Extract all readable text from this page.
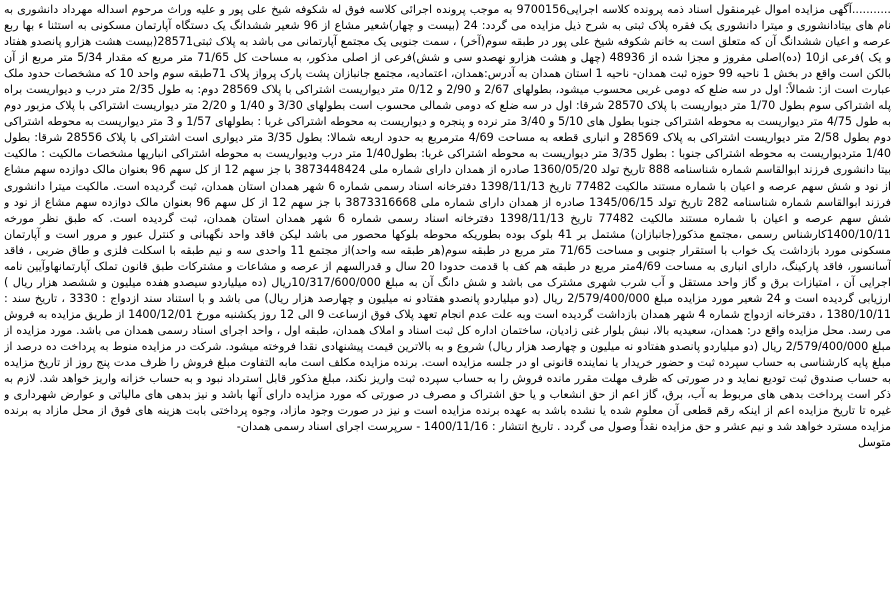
...........آگهی مزایده اموال غیرمنقول اسناد ذمه پرونده کلاسه اجرایی9700156 به موجب پرونده اجرائی کلاسه فوق له شکوفه شیخ علی پور و علیه وراث مرحوم اسداله مهرداد دانشوری به نام های بیتادانشوری و میترا دانشوری یک فقره پلاک ثبتی به شرح ذیل مزایده می گردد: 24 (بیست و چهار)شعیر مشاع از 96 شعیر ششدانگ یک دستگاه آپارتمان مسکونی به استثنا ء بها ربع عرصه و اعیان ششدانگ آن که متعلق است به خانم شکوفه شیخ علی پور در طبقه سوم(آخر) ، سمت جنوبی یک مجتمع آپارتمانی می باشد به پلاک ثبتی28571(بیست هشت هزارو پانصدو هفتاد و یک )فرعی از10 (ده)اصلی مفروز و مجزا شده از 48936 (چهل و هشت هزارو نهصدو سی و شش)فرعی از اصلی مذکور، به مساحت کل 71/65 متر مربع که مقدار 5/34 متر مربع از آن بالکن است واقع در بخش 1 ناحیه 99 حوزه ثبت همدان- ناحیه 1 استان همدان به آدرس:همدان، اعتمادیه، مجتمع جانبازان پشت پارک پرواز پلاک 71طبقه سوم واحد 10 که مشخصات حدود ملک عبارت است از: شمالاً: اول در سه ضلع که دومی غربی محسوب میشود، بطولهای 2/67 و 2/90 و 0/12 متر دیواریست اشتراکی با پلاک 28569 دوم: به طول 2/35 متر درب و دیواریست براه پله اشتراکی سوم بطول 1/70 متر دیواریست با پلاک 28570 شرقا: اول در سه ضلع که دومی شمالی محسوب است بطولهای 3/30 و 1/40 و 2/20 متر دیواریست اشتراکی با پلاک مزبور دوم به طول 4/75 متر دیواریست به محوطه اشتراکی جنوبا بطول های 5/10 و 3/40 متر نرده و پنجره و دیواریست به محوطه اشتراکی غربا : بطولهای 1/57 و 3 متر دیواریست به محوطه اشتراکی دوم بطول 2/58 متر دیواریست اشتراکی به پلاک 28569 و انباری قطعه به مساحت 4/69 مترمربع به حدود اربعه شمالا: بطول 3/35 متر دیواری است اشتراکی با پلاک 28556 شرقا: بطول 1/40 متردیواریست به محوطه اشتراکی جنوبا : بطول 3/35 متر دیواریست به محوطه اشتراکی غربا: بطول1/40 متر درب ودیواریست به محوطه اشتراکی انباریها مشخصات مالکیت : مالکیت بیتا دانشوری فرزند ابوالقاسم شماره شناسنامه 888 تاریخ تولد 1360/05/20 صادره از همدان دارای شماره ملی 3873448424 با جز سهم 12 از کل سهم 96 بعنوان مالک دوازده سهم مشاع از نود و شش سهم عرصه و اعیان با شماره مستند مالکیت 77482 تاریخ 1398/11/13 دفترخانه اسناد رسمی شماره 6 شهر همدان استان همدان، ثبت گردیده است. مالکیت میترا دانشوری فرزند ابوالقاسم شماره شناسنامه 282 تاریخ تولد 1345/06/15 صادره از همدان دارای شماره ملی 3873316668 با جز سهم 12 از کل سهم 96 بعنوان مالک دوازده سهم مشاع از نود و شش سهم عرصه و اعیان با شماره مستند مالکیت 77482 تاریخ 1398/11/13 دفترخانه اسناد رسمی شماره 6 شهر همدان استان همدان، ثبت گردیده است. که طبق نظر مورخه 1400/10/11کارشناس رسمی ،مجتمع مذکور(جانبازان) مشتمل بر 41 بلوک بوده بطوریکه محوطه بلوکها محصور می باشد لیکن فاقد واحد نگهبانی و کنترل عبور و مرور است و آپارتمان مسکونی مورد بازداشت یک خواب با استقرار جنوبی و مساحت 71/65 متر مربع در طبقه سوم(هر طبقه سه واحد)از مجتمع 11 واحدی سه و نیم طبقه با اسکلت فلزی و طاق ضربی ، فاقد آسانسور، فاقد پارکینگ، دارای انباری به مساحت 4/69متر مربع در طبقه هم کف با قدمت حدودا 20 سال و قدرالسهم از عرصه و مشاعات و مشترکات طبق قانون تملک آپارتمانهاوآیین نامه اجرایی آن ، امتیازات برق و گاز واحد مستقل و آب شرب شهری مشترک می باشد و شش دانگ آن به مبلغ 10/317/600/000ریال (ده میلیاردو سیصدو هفده میلیون و ششصد هزار ریال ) ارزیابی گردیده است و 24 شعیر مورد مزایده مبلغ 2/579/400/000 ریال (دو میلیاردو پانصدو هفتادو نه میلیون و چهارصد هزار ریال) می باشد و با استناد سند ازدواج : 3330 ، تاریخ سند : 1380/10/11 ، دفترخانه ازدواج شماره 4 شهر همدان بازداشت گردیده است وبه علت عدم انجام تعهد پلاک فوق ازساعت 9 الی 12 روز یکشنبه مورخ 1400/12/01 از طریق مزایده به فروش می رسد. محل مزایده واقع در: همدان، سعیدیه بالا، نبش بلوار غنی زادیان، ساختمان اداره کل ثبت اسناد و املاک همدان، طبقه اول ، واحد اجرای اسناد رسمی همدان می باشد. مورد مزایده از مبلغ 2/579/400/000 ریال (دو میلیاردو پانصدو هفتادو نه میلیون و چهارصد هزار ریال) شروع و به بالاترین قیمت پیشنهادی نقدا فروخته میشود. شرکت در مزایده منوط به پرداخت ده درصد از مبلغ پایه کارشناسی به حساب سپرده ثبت و حضور خریدار یا نماینده قانونی او در جلسه مزایده است. برنده مزایده مکلف است مابه التفاوت مبلغ فروش را ظرف مدت پنج روز از تاریخ مزایده به حساب صندوق ثبت تودیع نماید و در صورتی که ظرف مهلت مقرر مانده فروش را به حساب سپرده ثبت واریز نکند، مبلغ مذکور قابل استرداد نبود و به حساب خزانه واریز خواهد شد. لازم به ذکر است پرداخت بدهی های مربوط به آب، برق، گاز اعم از حق انشعاب و یا حق اشتراک و مصرف در صورتی که مورد مزایده دارای آنها باشد و نیز بدهی های مالیاتی و عوارض شهرداری و غیره تا تاریخ مزایده اعم از اینکه رقم قطعی آن معلوم شده یا نشده باشد به عهده برنده مزایده است و نیز در صورت وجود مازاد، وجوه پرداختی بابت هزینه های فوق از محل مازاد به برنده مزایده مسترد خواهد شد و نیم عشر و حق مزایده نقداً وصول می گردد . تاریخ انتشار : 1400/11/16 - سرپرست اجرای اسناد رسمی همدان-

متوسل
